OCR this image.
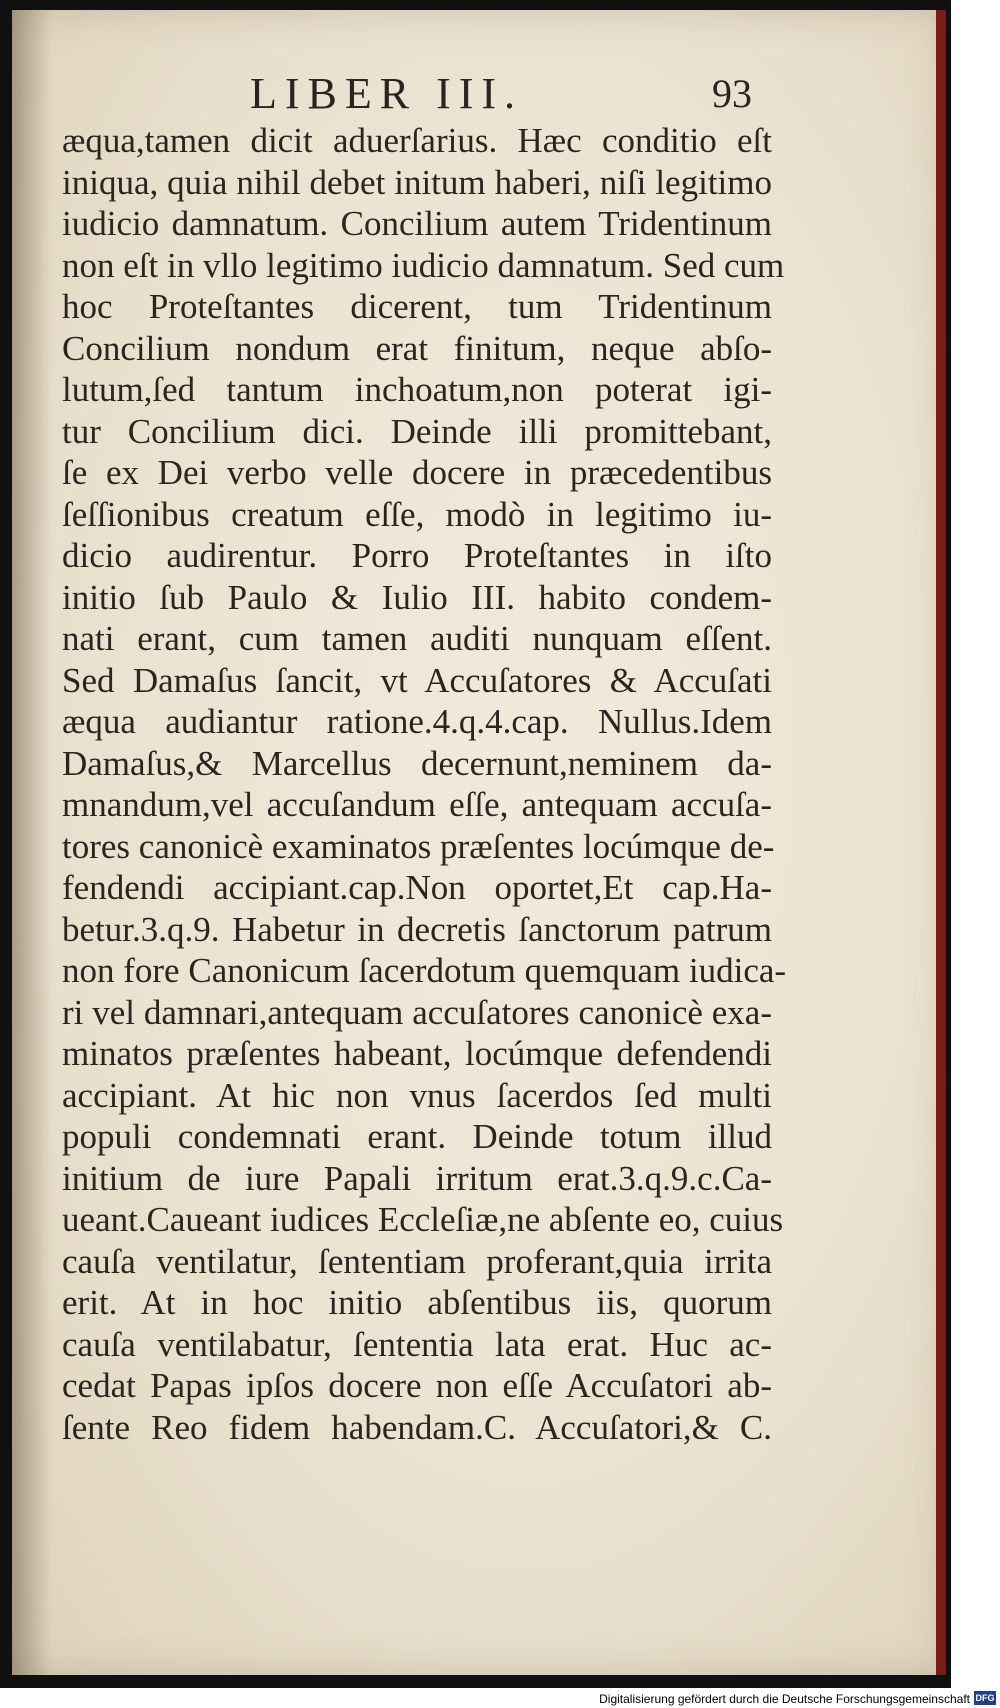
LIBER III.	93
æqua,tamen dicit aduerſarius. Hæc conditio eſt
iniqua, quia nihil debet initum haberi, niſi legitimo
iudicio damnatum. Concilium autem Tridentinum
non eſt in vllo legitimo iudicio damnatum. Sed cum
hoc Proteſtantes dicerent, tum Tridentinum
Concilium nondum erat finitum, neque abſo-
lutum,ſed tantum inchoatum,non poterat igi-
tur Concilium dici. Deinde illi promittebant,
ſe ex Dei verbo velle docere in præcedentibus
ſeſſionibus creatum eſſe, modò in legitimo iu-
dicio audirentur. Porro Proteſtantes in iſto
initio ſub Paulo & Iulio III. habito condem-
nati erant, cum tamen auditi nunquam eſſent.
Sed Damaſus ſancit, vt Accuſatores & Accuſati
æqua audiantur ratione.4.q.4.cap. Nullus.Idem
Damaſus,& Marcellus decernunt,neminem da-
mnandum,vel accuſandum eſſe, antequam accuſa-
tores canonicè examinatos præſentes locúmque de-
fendendi accipiant.cap.Non oportet,Et cap.Ha-
betur.3.q.9. Habetur in decretis ſanctorum patrum
non fore Canonicum ſacerdotum quemquam iudica-
ri vel damnari,antequam accuſatores canonicè exa-
minatos præſentes habeant, locúmque defendendi
accipiant. At hic non vnus ſacerdos ſed multi
populi condemnati erant. Deinde totum illud
initium de iure Papali irritum erat.3.q.9.c.Ca-
ueant.Caueant iudices Eccleſiæ,ne abſente eo, cuius
cauſa ventilatur, ſententiam proferant,quia irrita
erit. At in hoc initio abſentibus iis, quorum
cauſa ventilabatur, ſententia lata erat. Huc ac-
cedat Papas ipſos docere non eſſe Accuſatori ab-
ſente Reo fidem habendam.C. Accuſatori,& C.
Digitalisierung gefördert durch die Deutsche Forschungsgemeinschaft DFG
